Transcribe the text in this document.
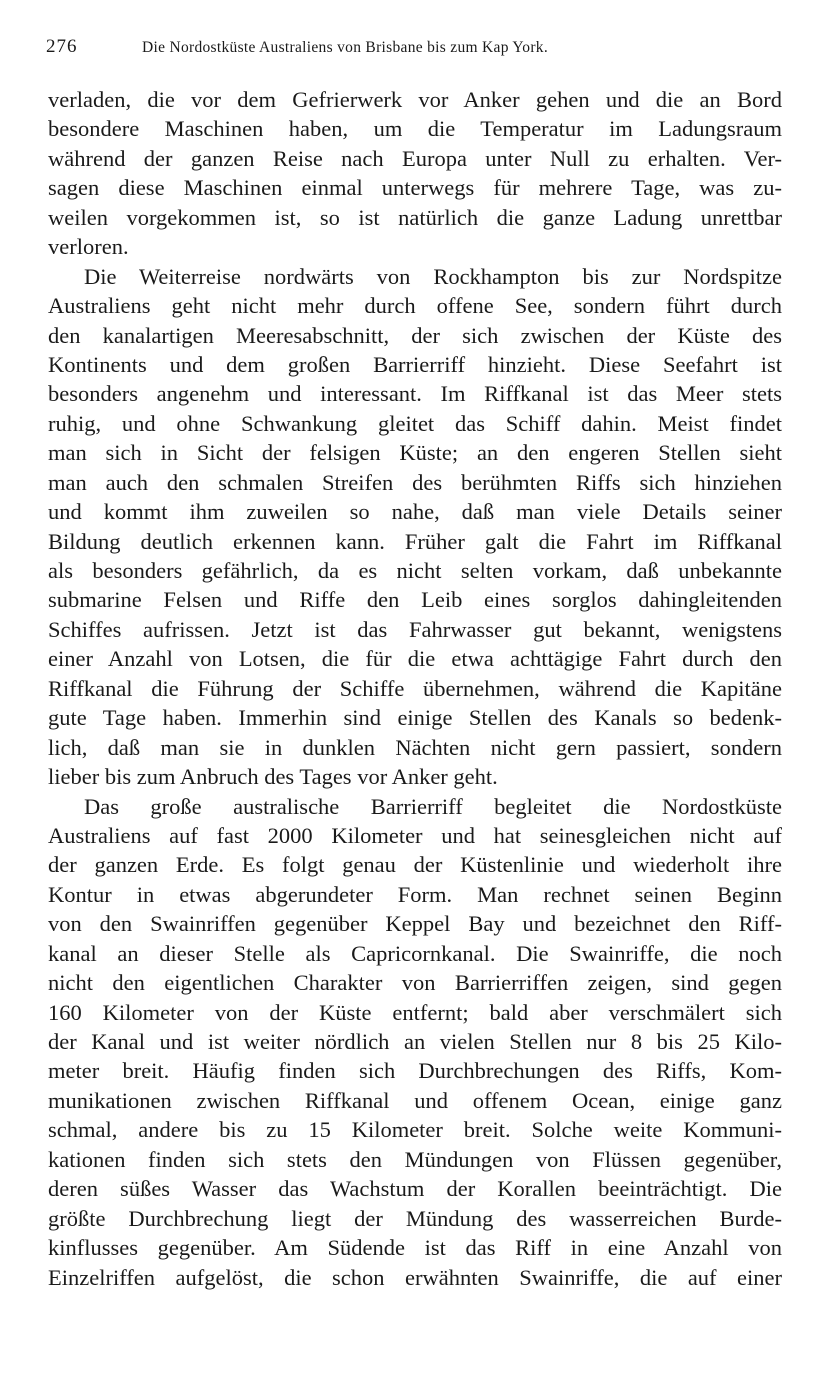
276	Die Nordostküste Australiens von Brisbane bis zum Kap York.
verladen, die vor dem Gefrierwerk vor Anker gehen und die an Bord
besondere Maschinen haben, um die Temperatur im Ladungsraum
während der ganzen Reise nach Europa unter Null zu erhalten. Ver-
sagen diese Maschinen einmal unterwegs für mehrere Tage, was zu-
weilen vorgekommen ist, so ist natürlich die ganze Ladung unrettbar
verloren.
Die Weiterreise nordwärts von Rockhampton bis zur Nordspitze
Australiens geht nicht mehr durch offene See, sondern führt durch
den kanalartigen Meeresabschnitt, der sich zwischen der Küste des
Kontinents und dem großen Barrierriff hinzieht. Diese Seefahrt ist
besonders angenehm und interessant. Im Riffkanal ist das Meer stets
ruhig, und ohne Schwankung gleitet das Schiff dahin. Meist findet
man sich in Sicht der felsigen Küste; an den engeren Stellen sieht
man auch den schmalen Streifen des berühmten Riffs sich hinziehen
und kommt ihm zuweilen so nahe, daß man viele Details seiner
Bildung deutlich erkennen kann. Früher galt die Fahrt im Riffkanal
als besonders gefährlich, da es nicht selten vorkam, daß unbekannte
submarine Felsen und Riffe den Leib eines sorglos dahingleitenden
Schiffes aufrissen. Jetzt ist das Fahrwasser gut bekannt, wenigstens
einer Anzahl von Lotsen, die für die etwa achttägige Fahrt durch den
Riffkanal die Führung der Schiffe übernehmen, während die Kapitäne
gute Tage haben. Immerhin sind einige Stellen des Kanals so bedenk-
lich, daß man sie in dunklen Nächten nicht gern passiert, sondern
lieber bis zum Anbruch des Tages vor Anker geht.
Das große australische Barrierriff begleitet die Nordostküste
Australiens auf fast 2000 Kilometer und hat seinesgleichen nicht auf
der ganzen Erde. Es folgt genau der Küstenlinie und wiederholt ihre
Kontur in etwas abgerundeter Form. Man rechnet seinen Beginn
von den Swainriffen gegenüber Keppel Bay und bezeichnet den Riff-
kanal an dieser Stelle als Capricornkanal. Die Swainriffe, die noch
nicht den eigentlichen Charakter von Barrierriffen zeigen, sind gegen
160 Kilometer von der Küste entfernt; bald aber verschmälert sich
der Kanal und ist weiter nördlich an vielen Stellen nur 8 bis 25 Kilo-
meter breit. Häufig finden sich Durchbrechungen des Riffs, Kom-
munikationen zwischen Riffkanal und offenem Ocean, einige ganz
schmal, andere bis zu 15 Kilometer breit. Solche weite Kommuni-
kationen finden sich stets den Mündungen von Flüssen gegenüber,
deren süßes Wasser das Wachstum der Korallen beeinträchtigt. Die
größte Durchbrechung liegt der Mündung des wasserreichen Burde-
kinflusses gegenüber. Am Südende ist das Riff in eine Anzahl von
Einzelriffen aufgelöst, die schon erwähnten Swainriffe, die auf einer
